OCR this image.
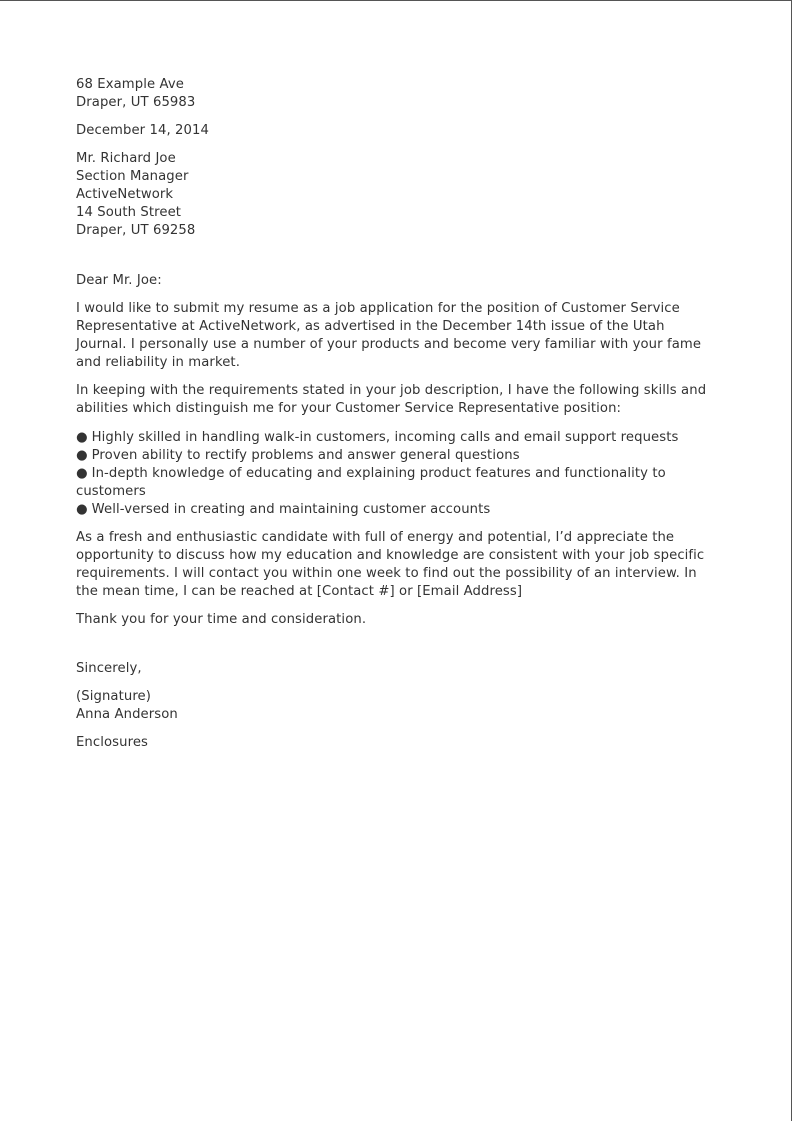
68 Example Ave
Draper, UT 65983
December 14, 2014
Mr. Richard Joe
Section Manager
ActiveNetwork
14 South Street
Draper, UT 69258
Dear Mr. Joe:
I would like to submit my resume as a job application for the position of Customer Service
Representative at ActiveNetwork, as advertised in the December 14th issue of the Utah
Journal. I personally use a number of your products and become very familiar with your fame
and reliability in market.
In keeping with the requirements stated in your job description, I have the following skills and
abilities which distinguish me for your Customer Service Representative position:
● Highly skilled in handling walk-in customers, incoming calls and email support requests
● Proven ability to rectify problems and answer general questions
● In-depth knowledge of educating and explaining product features and functionality to
customers
● Well-versed in creating and maintaining customer accounts
As a fresh and enthusiastic candidate with full of energy and potential, I’d appreciate the
opportunity to discuss how my education and knowledge are consistent with your job specific
requirements. I will contact you within one week to find out the possibility of an interview. In
the mean time, I can be reached at [Contact #] or [Email Address]
Thank you for your time and consideration.
Sincerely,
(Signature)
Anna Anderson
Enclosures
